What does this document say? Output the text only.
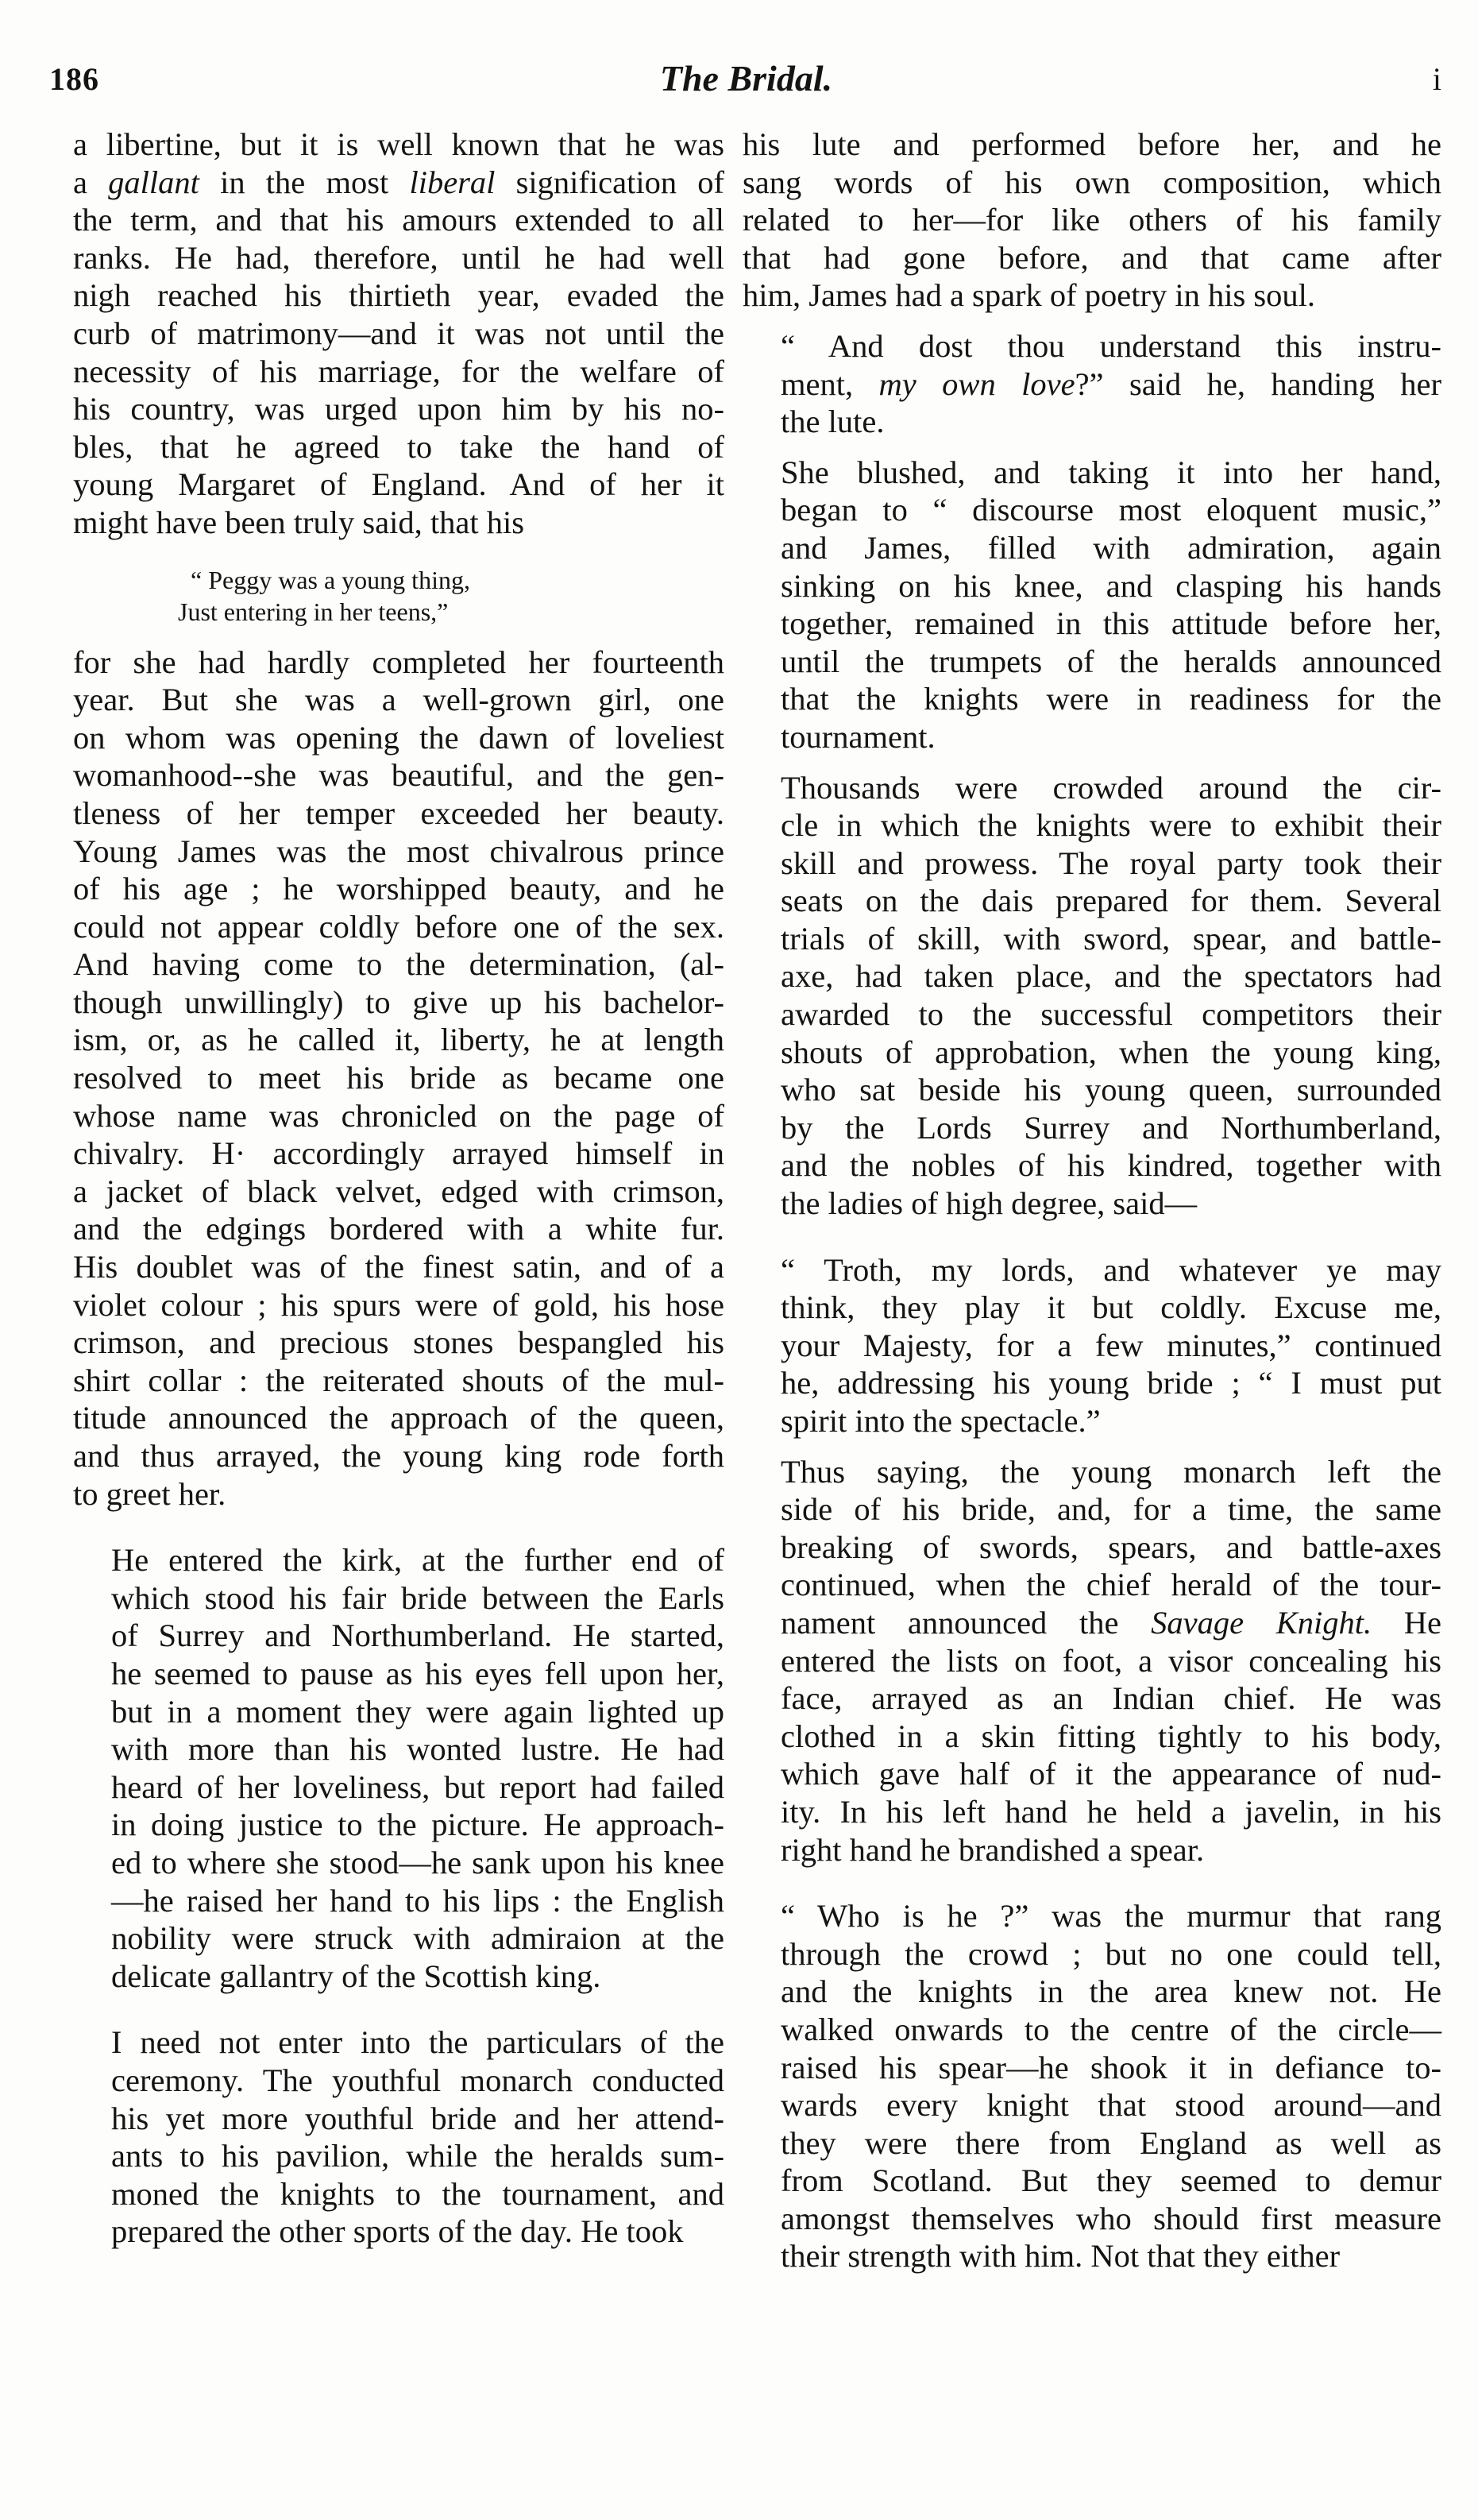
186	The Bridal.	i
a libertine, but it is well known that he was
a gallant in the most liberal signification of
the term, and that his amours extended to all
ranks. He had, therefore, until he had well
nigh reached his thirtieth year, evaded the
curb of matrimony—and it was not until the
necessity of his marriage, for the welfare of
his country, was urged upon him by his no-
bles, that he agreed to take the hand of
young Margaret of England. And of her it
might have been truly said, that his
“ Peggy was a young thing,
Just entering in her teens,”
for she had hardly completed her fourteenth
year. But she was a well-grown girl, one
on whom was opening the dawn of loveliest
womanhood--she was beautiful, and the gen-
tleness of her temper exceeded her beauty.
Young James was the most chivalrous prince
of his age ; he worshipped beauty, and he
could not appear coldly before one of the sex.
And having come to the determination, (al-
though unwillingly) to give up his bachelor-
ism, or, as he called it, liberty, he at length
resolved to meet his bride as became one
whose name was chronicled on the page of
chivalry. H· accordingly arrayed himself in
a jacket of black velvet, edged with crimson,
and the edgings bordered with a white fur.
His doublet was of the finest satin, and of a
violet colour ; his spurs were of gold, his hose
crimson, and precious stones bespangled his
shirt collar : the reiterated shouts of the mul-
titude announced the approach of the queen,
and thus arrayed, the young king rode forth
to greet her.
He entered the kirk, at the further end of
which stood his fair bride between the Earls
of Surrey and Northumberland. He started,
he seemed to pause as his eyes fell upon her,
but in a moment they were again lighted up
with more than his wonted lustre. He had
heard of her loveliness, but report had failed
in doing justice to the picture. He approach-
ed to where she stood—he sank upon his knee
—he raised her hand to his lips : the English
nobility were struck with admiraion at the
delicate gallantry of the Scottish king.
I need not enter into the particulars of the
ceremony. The youthful monarch conducted
his yet more youthful bride and her attend-
ants to his pavilion, while the heralds sum-
moned the knights to the tournament, and
prepared the other sports of the day. He took
his lute and performed before her, and he
sang words of his own composition, which
related to her—for like others of his family
that had gone before, and that came after
him, James had a spark of poetry in his soul.
“ And dost thou understand this instru-
ment, my own love?” said he, handing her
the lute.
She blushed, and taking it into her hand,
began to “ discourse most eloquent music,”
and James, filled with admiration, again
sinking on his knee, and clasping his hands
together, remained in this attitude before her,
until the trumpets of the heralds announced
that the knights were in readiness for the
tournament.
Thousands were crowded around the cir-
cle in which the knights were to exhibit their
skill and prowess. The royal party took their
seats on the dais prepared for them. Several
trials of skill, with sword, spear, and battle-
axe, had taken place, and the spectators had
awarded to the successful competitors their
shouts of approbation, when the young king,
who sat beside his young queen, surrounded
by the Lords Surrey and Northumberland,
and the nobles of his kindred, together with
the ladies of high degree, said—
“ Troth, my lords, and whatever ye may
think, they play it but coldly. Excuse me,
your Majesty, for a few minutes,” continued
he, addressing his young bride ; “ I must put
spirit into the spectacle.”
Thus saying, the young monarch left the
side of his bride, and, for a time, the same
breaking of swords, spears, and battle-axes
continued, when the chief herald of the tour-
nament announced the Savage Knight. He
entered the lists on foot, a visor concealing his
face, arrayed as an Indian chief. He was
clothed in a skin fitting tightly to his body,
which gave half of it the appearance of nud-
ity. In his left hand he held a javelin, in his
right hand he brandished a spear.
“ Who is he ?” was the murmur that rang
through the crowd ; but no one could tell,
and the knights in the area knew not. He
walked onwards to the centre of the circle—
raised his spear—he shook it in defiance to-
wards every knight that stood around—and
they were there from England as well as
from Scotland. But they seemed to demur
amongst themselves who should first measure
their strength with him. Not that they either
